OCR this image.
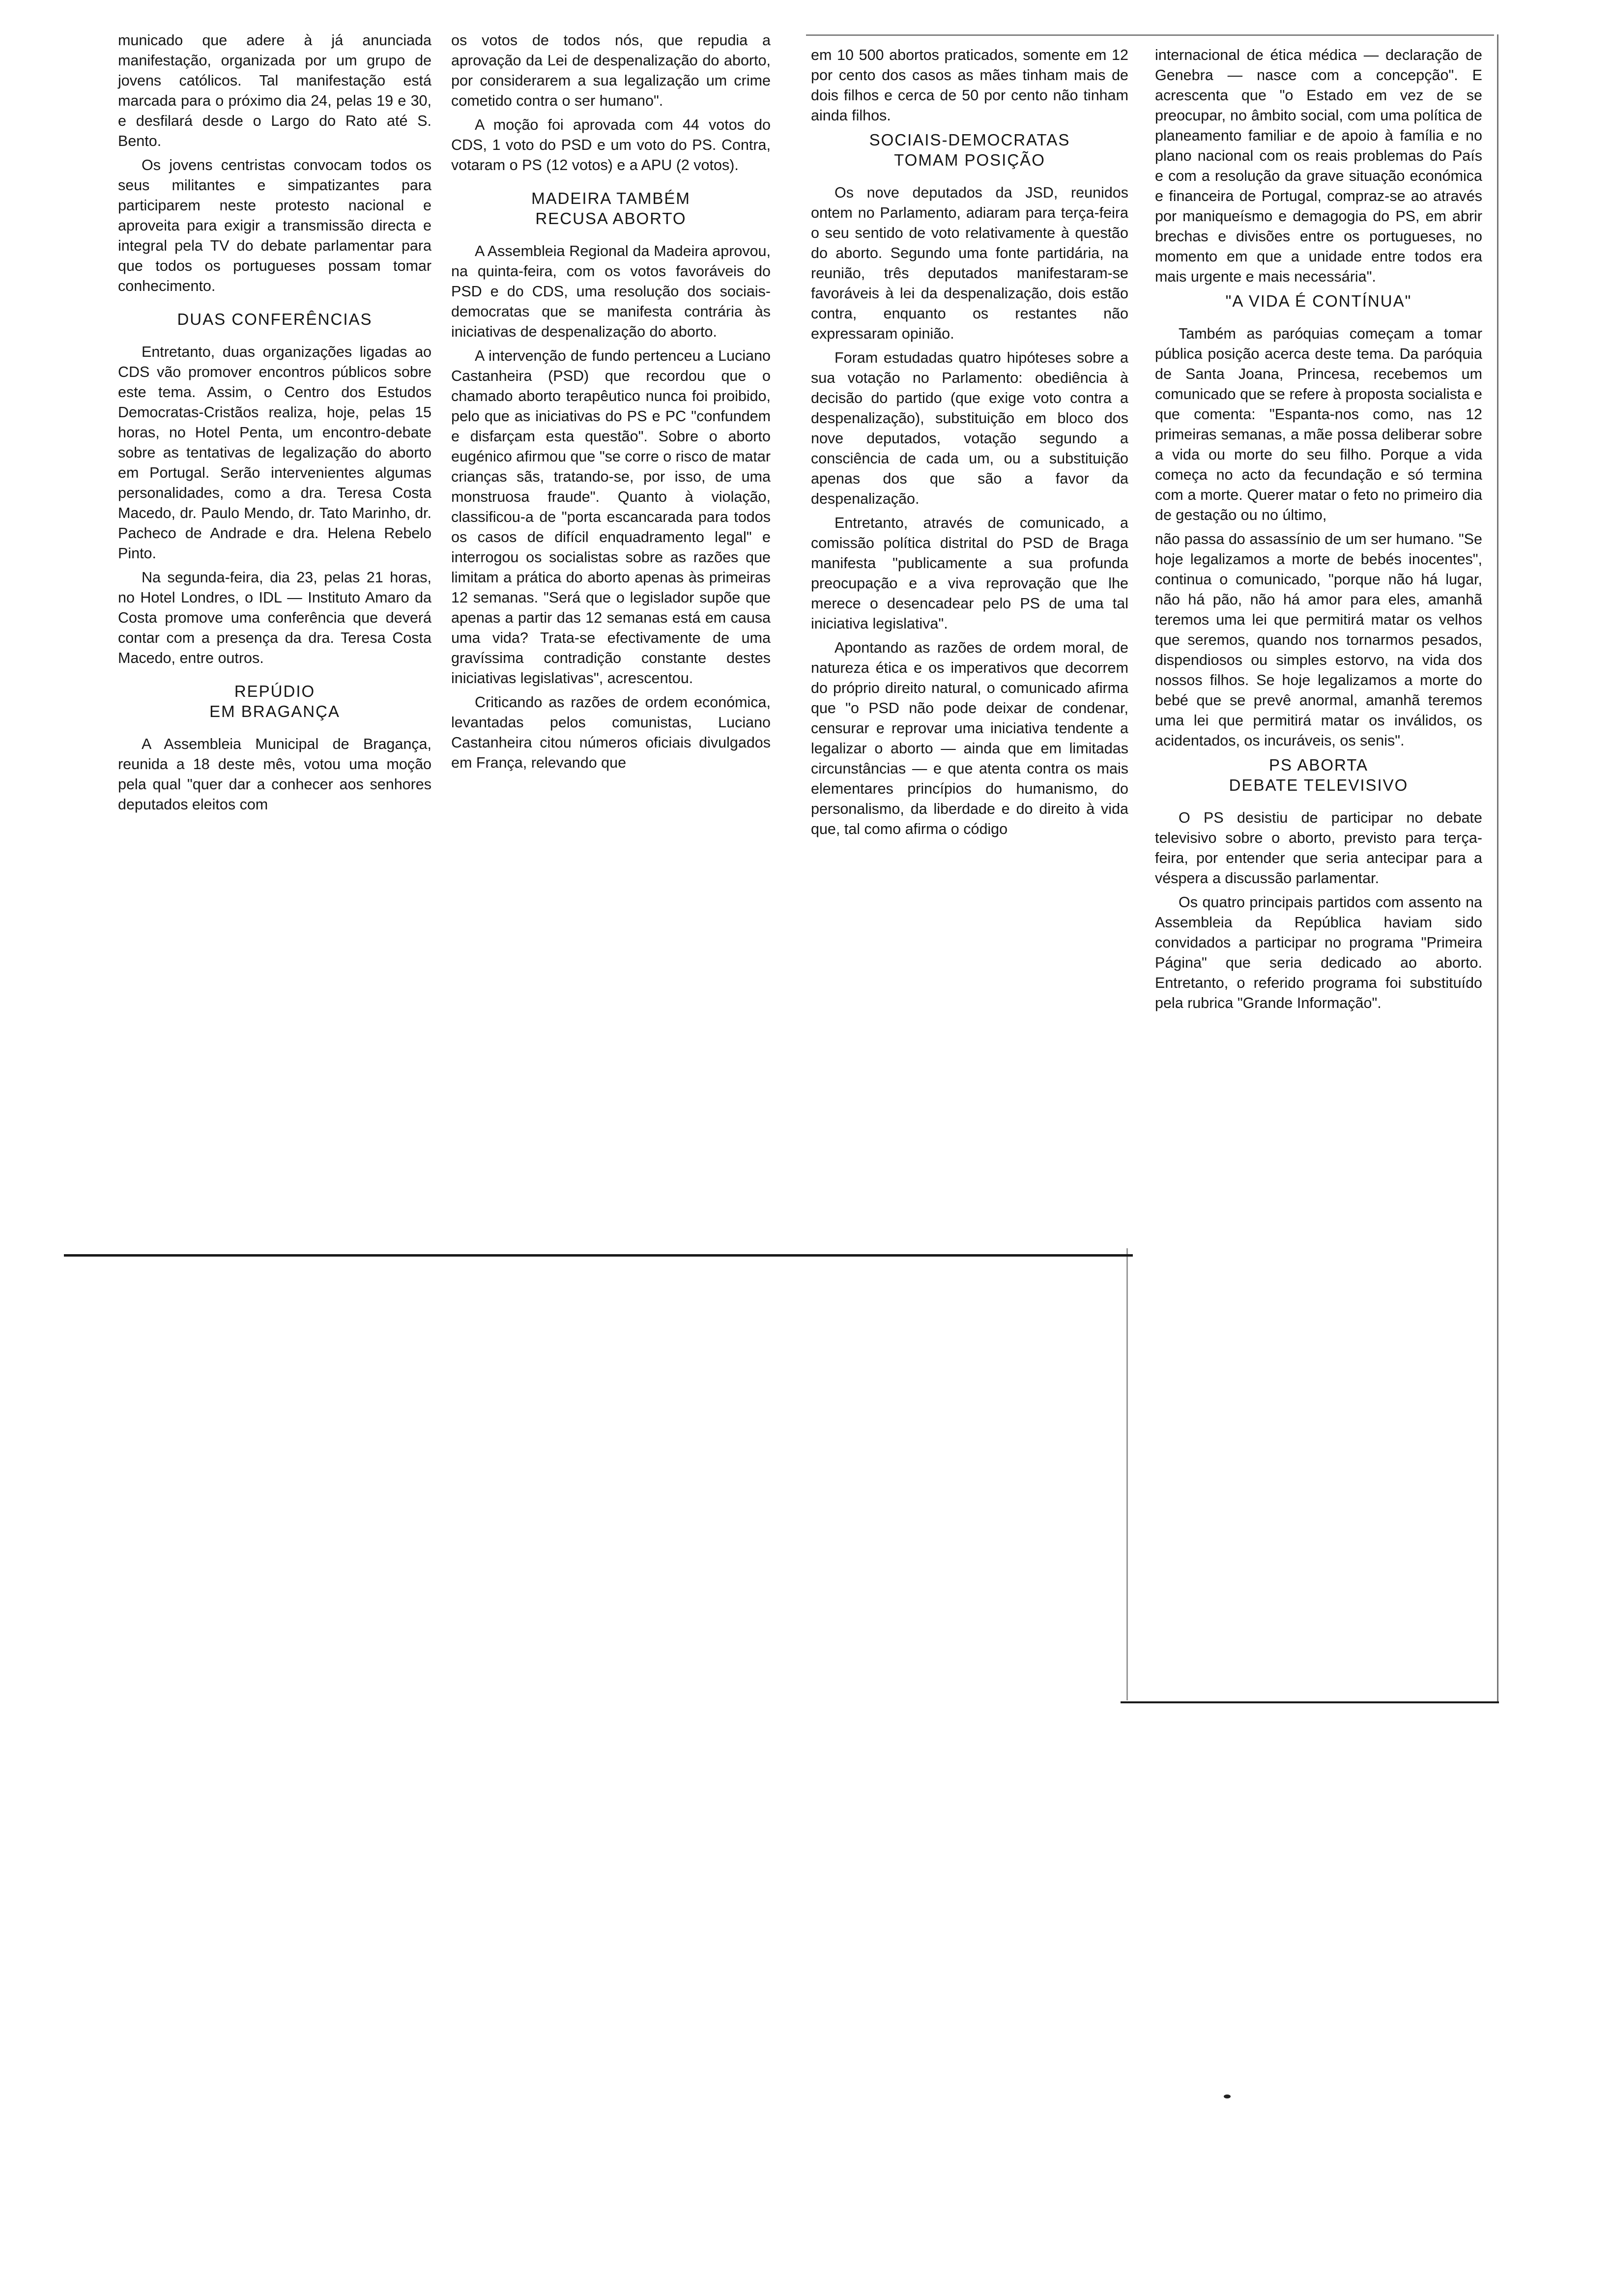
municado que adere à já anunciada manifestação, organizada por um grupo de jovens católicos. Tal manifestação está marcada para o próximo dia 24, pelas 19 e 30, e desfilará desde o Largo do Rato até S. Bento.

Os jovens centristas convocam todos os seus militantes e simpatizantes para participarem neste protesto nacional e aproveita para exigir a transmissão directa e integral pela TV do debate parlamentar para que todos os portugueses possam tomar conhecimento.

DUAS CONFERÊNCIAS

Entretanto, duas organizações ligadas ao CDS vão promover encontros públicos sobre este tema. Assim, o Centro dos Estudos Democratas-Cristãos realiza, hoje, pelas 15 horas, no Hotel Penta, um encontro-debate sobre as tentativas de legalização do aborto em Portugal. Serão intervenientes algumas personalidades, como a dra. Teresa Costa Macedo, dr. Paulo Mendo, dr. Tato Marinho, dr. Pacheco de Andrade e dra. Helena Rebelo Pinto.

Na segunda-feira, dia 23, pelas 21 horas, no Hotel Londres, o IDL — Instituto Amaro da Costa promove uma conferência que deverá contar com a presença da dra. Teresa Costa Macedo, entre outros.

REPÚDIO
EM BRAGANÇA

A Assembleia Municipal de Bragança, reunida a 18 deste mês, votou uma moção pela qual "quer dar a conhecer aos senhores deputados eleitos com

os votos de todos nós, que repudia a aprovação da Lei de despenalização do aborto, por considerarem a sua legalização um crime cometido contra o ser humano".

A moção foi aprovada com 44 votos do CDS, 1 voto do PSD e um voto do PS. Contra, votaram o PS (12 votos) e a APU (2 votos).

MADEIRA TAMBÉM
RECUSA ABORTO

A Assembleia Regional da Madeira aprovou, na quinta-feira, com os votos favoráveis do PSD e do CDS, uma resolução dos sociais-democratas que se manifesta contrária às iniciativas de despenalização do aborto.

A intervenção de fundo pertenceu a Luciano Castanheira (PSD) que recordou que o chamado aborto terapêutico nunca foi proibido, pelo que as iniciativas do PS e PC "confundem e disfarçam esta questão". Sobre o aborto eugénico afirmou que "se corre o risco de matar crianças sãs, tratando-se, por isso, de uma monstruosa fraude". Quanto à violação, classificou-a de "porta escancarada para todos os casos de difícil enquadramento legal" e interrogou os socialistas sobre as razões que limitam a prática do aborto apenas às primeiras 12 semanas. "Será que o legislador supõe que apenas a partir das 12 semanas está em causa uma vida? Trata-se efectivamente de uma gravíssima contradição constante destes iniciativas legislativas", acrescentou.

Criticando as razões de ordem económica, levantadas pelos comunistas, Luciano Castanheira citou números oficiais divulgados em França, relevando que

em 10 500 abortos praticados, somente em 12 por cento dos casos as mães tinham mais de dois filhos e cerca de 50 por cento não tinham ainda filhos.

SOCIAIS-DEMOCRATAS
TOMAM POSIÇÃO

Os nove deputados da JSD, reunidos ontem no Parlamento, adiaram para terça-feira o seu sentido de voto relativamente à questão do aborto. Segundo uma fonte partidária, na reunião, três deputados manifestaram-se favoráveis à lei da despenalização, dois estão contra, enquanto os restantes não expressaram opinião.

Foram estudadas quatro hipóteses sobre a sua votação no Parlamento: obediência à decisão do partido (que exige voto contra a despenalização), substituição em bloco dos nove deputados, votação segundo a consciência de cada um, ou a substituição apenas dos que são a favor da despenalização.

Entretanto, através de comunicado, a comissão política distrital do PSD de Braga manifesta "publicamente a sua profunda preocupação e a viva reprovação que lhe merece o desencadear pelo PS de uma tal iniciativa legislativa".

Apontando as razões de ordem moral, de natureza ética e os imperativos que decorrem do próprio direito natural, o comunicado afirma que "o PSD não pode deixar de condenar, censurar e reprovar uma iniciativa tendente a legalizar o aborto — ainda que em limitadas circunstâncias — e que atenta contra os mais elementares princípios do humanismo, do personalismo, da liberdade e do direito à vida que, tal como afirma o código

internacional de ética médica — declaração de Genebra — nasce com a concepção". E acrescenta que "o Estado em vez de se preocupar, no âmbito social, com uma política de planeamento familiar e de apoio à família e no plano nacional com os reais problemas do País e com a resolução da grave situação económica e financeira de Portugal, compraz-se ao através por maniqueísmo e demagogia do PS, em abrir brechas e divisões entre os portugueses, no momento em que a unidade entre todos era mais urgente e mais necessária".

"A VIDA É CONTÍNUA"

Também as paróquias começam a tomar pública posição acerca deste tema. Da paróquia de Santa Joana, Princesa, recebemos um comunicado que se refere à proposta socialista e que comenta: "Espanta-nos como, nas 12 primeiras semanas, a mãe possa deliberar sobre a vida ou morte do seu filho. Porque a vida começa no acto da fecundação e só termina com a morte. Querer matar o feto no primeiro dia de gestação ou no último,

não passa do assassínio de um ser humano. "Se hoje legalizamos a morte de bebés inocentes", continua o comunicado, "porque não há lugar, não há pão, não há amor para eles, amanhã teremos uma lei que permitirá matar os velhos que seremos, quando nos tornarmos pesados, dispendiosos ou simples estorvo, na vida dos nossos filhos. Se hoje legalizamos a morte do bebé que se prevê anormal, amanhã teremos uma lei que permitirá matar os inválidos, os acidentados, os incuráveis, os senis".

PS ABORTA
DEBATE TELEVISIVO

O PS desistiu de participar no debate televisivo sobre o aborto, previsto para terça-feira, por entender que seria antecipar para a véspera a discussão parlamentar.

Os quatro principais partidos com assento na Assembleia da República haviam sido convidados a participar no programa "Primeira Página" que seria dedicado ao aborto. Entretanto, o referido programa foi substituído pela rubrica "Grande Informação".
